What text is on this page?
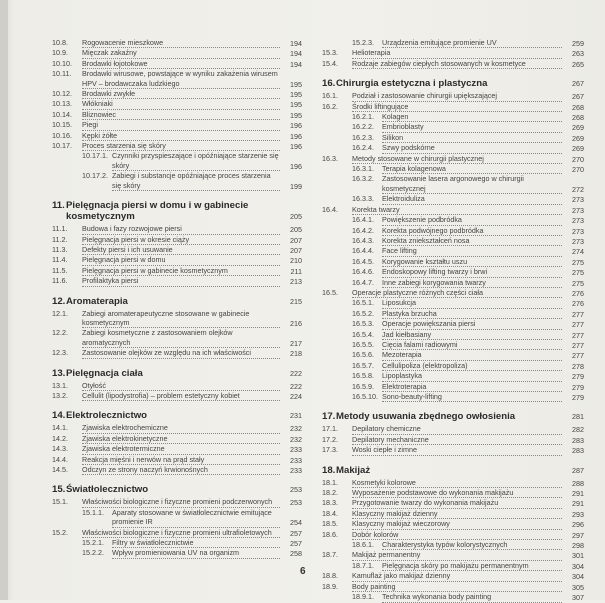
10.8. Rogowacenie mieszkowe	194
10.9. Mięczak zakaźny	194
10.10. Brodawki łojotokowe	194
10.11. Brodawki wirusowe, powstające w wyniku zakażenia wirusem HPV – brodawczaka ludzkiego	195
10.12. Brodawki zwykłe	195
10.13. Włókniaki	195
10.14. Bliznowiec	195
10.15. Piegi	196
10.16. Kępki żółte	196
10.17. Proces starzenia się skóry	196
10.17.1. Czynniki przyspieszające i opóźniające starzenie się skóry	196
10.17.2. Zabiegi i substancje opóźniające proces starzenia się skóry	199
11. Pielęgnacja piersi w domu i w gabinecie kosmetycznym	205
11.1. Budowa i fazy rozwojowe piersi	205
11.2. Pielęgnacja piersi w okresie ciąży	207
11.3. Defekty piersi i ich usuwanie	207
11.4. Pielęgnacja piersi w domu	210
11.5. Pielęgnacja piersi w gabinecie kosmetycznym	211
11.6. Profilaktyka piersi	213
12. Aromaterapia	215
12.1. Zabiegi aromaterapeutyczne stosowane w gabinecie kosmetycznym	216
12.2. Zabiegi kosmetyczne z zastosowaniem olejków aromatycznych	217
12.3. Zastosowanie olejków ze względu na ich właściwości	218
13. Pielęgnacja ciała	222
13.1. Otyłość	222
13.2. Cellulit (lipodystrofia) – problem estetyczny kobiet	224
14. Elektrolecznictwo	231
14.1. Zjawiska elektrochemiczne	232
14.2. Zjawiska elektrokinetyczne	232
14.3. Zjawiska elektrotermiczne	233
14.4. Reakcja mięśni i nerwów na prąd stały	233
14.5. Odczyn ze strony naczyń krwionośnych	233
15. Światłolecznictwo	253
15.1. Właściwości biologiczne i fizyczne promieni podczerwonych	253
15.1.1. Aparaty stosowane w światłolecznictwie emitujące promienie IR	254
15.2. Właściwości biologiczne i fizyczne promieni ultrafioletowych	257
15.2.1. Filtry w światłolecznictwie	257
15.2.2. Wpływ promieniowania UV na organizm	258
15.2.3. Urządzenia emitujące promienie UV	259
15.3. Helioterapia	263
15.4. Rodzaje zabiegów ciepłych stosowanych w kosmetyce	265
16. Chirurgia estetyczna i plastyczna	267
16.1. Podział i zastosowanie chirurgii upiększającej	267
16.2. Środki liftingujące	268
16.2.1. Kolagen	268
16.2.2. Embrioblasty	269
16.2.3. Silikon	269
16.2.4. Szwy podskórne	269
16.3. Metody stosowane w chirurgii plastycznej	270
16.3.1. Terapia kolagenowa	270
16.3.2. Zastosowanie lasera argonowego w chirurgii kosmetycznej	272
16.3.3. Elektroiduliza	273
16.4. Korekta twarzy	273
16.4.1. Powiększenie podbródka	273
16.4.2. Korekta podwójnego podbródka	273
16.4.3. Korekta zniekształceń nosa	273
16.4.4. Face lifting	274
16.4.5. Korygowanie kształtu uszu	275
16.4.6. Endoskopowy lifting twarzy i brwi	275
16.4.7. Inne zabiegi korygowania twarzy	275
16.5. Operacje plastyczne różnych części ciała	276
16.5.1. Liposukcja	276
16.5.2. Plastyka brzucha	277
16.5.3. Operacje powiększania piersi	277
16.5.4. Jad kiełbasiany	277
16.5.5. Cięcia falami radiowymi	277
16.5.6. Mezoterapia	277
16.5.7. Cellulipoliza (elektropoliza)	278
16.5.8. Lipoplastyka	279
16.5.9. Elektroterapia	279
16.5.10. Sono-beauty-lifting	279
17. Metody usuwania zbędnego owłosienia	281
17.1. Depilatory chemiczne	282
17.2. Depilatory mechaniczne	283
17.3. Woski ciepłe i zimne	283
18. Makijaż	287
18.1. Kosmetyki kolorowe	288
18.2. Wyposażenie podstawowe do wykonania makijażu	291
18.3. Przygotowanie twarzy do wykonania makijażu	291
18.4. Klasyczny makijaż dzienny	293
18.5. Klasyczny makijaż wieczorowy	296
18.6. Dobór kolorów	297
18.6.1. Charakterystyka typów kolorystycznych	298
18.7. Makijaż permanentny	301
18.7.1. Pielęgnacja skóry po makijażu permanentnym	304
18.8. Kamuflaż jako makijaż dzienny	304
18.9. Body painting	305
18.9.1. Technika wykonania body painting	307
6
